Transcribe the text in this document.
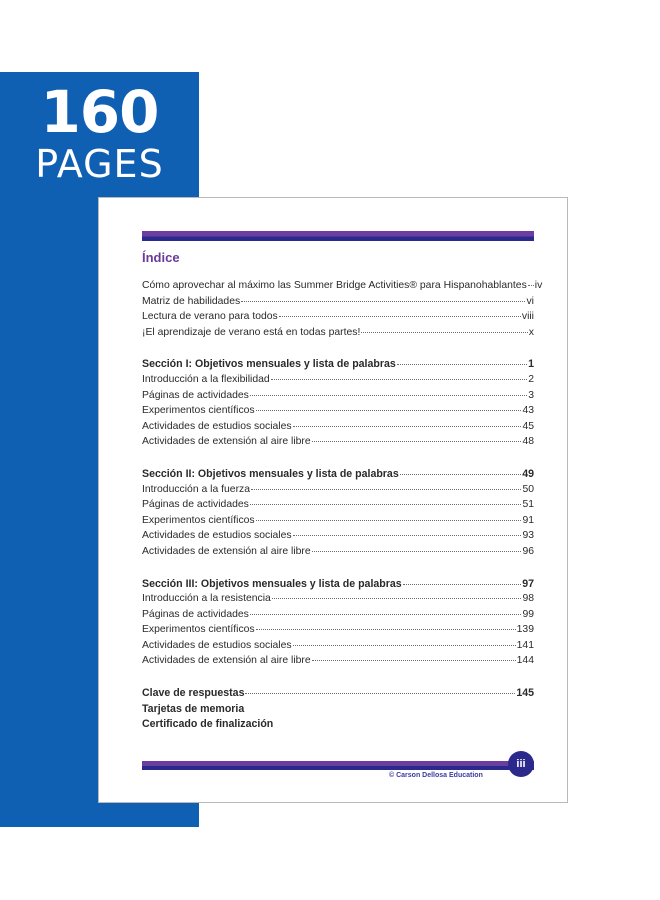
160
PAGES
Índice
Cómo aprovechar al máximo las Summer Bridge Activities® para Hispanohablantes iv
Matriz de habilidades	vi
Lectura de verano para todos	viii
¡El aprendizaje de verano está en todas partes!	x
Sección I: Objetivos mensuales y lista de palabras	1
Introducción a la flexibilidad	2
Páginas de actividades	3
Experimentos científicos	43
Actividades de estudios sociales	45
Actividades de extensión al aire libre	48
Sección II: Objetivos mensuales y lista de palabras	49
Introducción a la fuerza	50
Páginas de actividades	51
Experimentos científicos	91
Actividades de estudios sociales	93
Actividades de extensión al aire libre	96
Sección III: Objetivos mensuales y lista de palabras	97
Introducción a la resistencia	98
Páginas de actividades	99
Experimentos científicos	139
Actividades de estudios sociales	141
Actividades de extensión al aire libre	144
Clave de respuestas	145
Tarjetas de memoria
Certificado de finalización
iii
© Carson Dellosa Education
